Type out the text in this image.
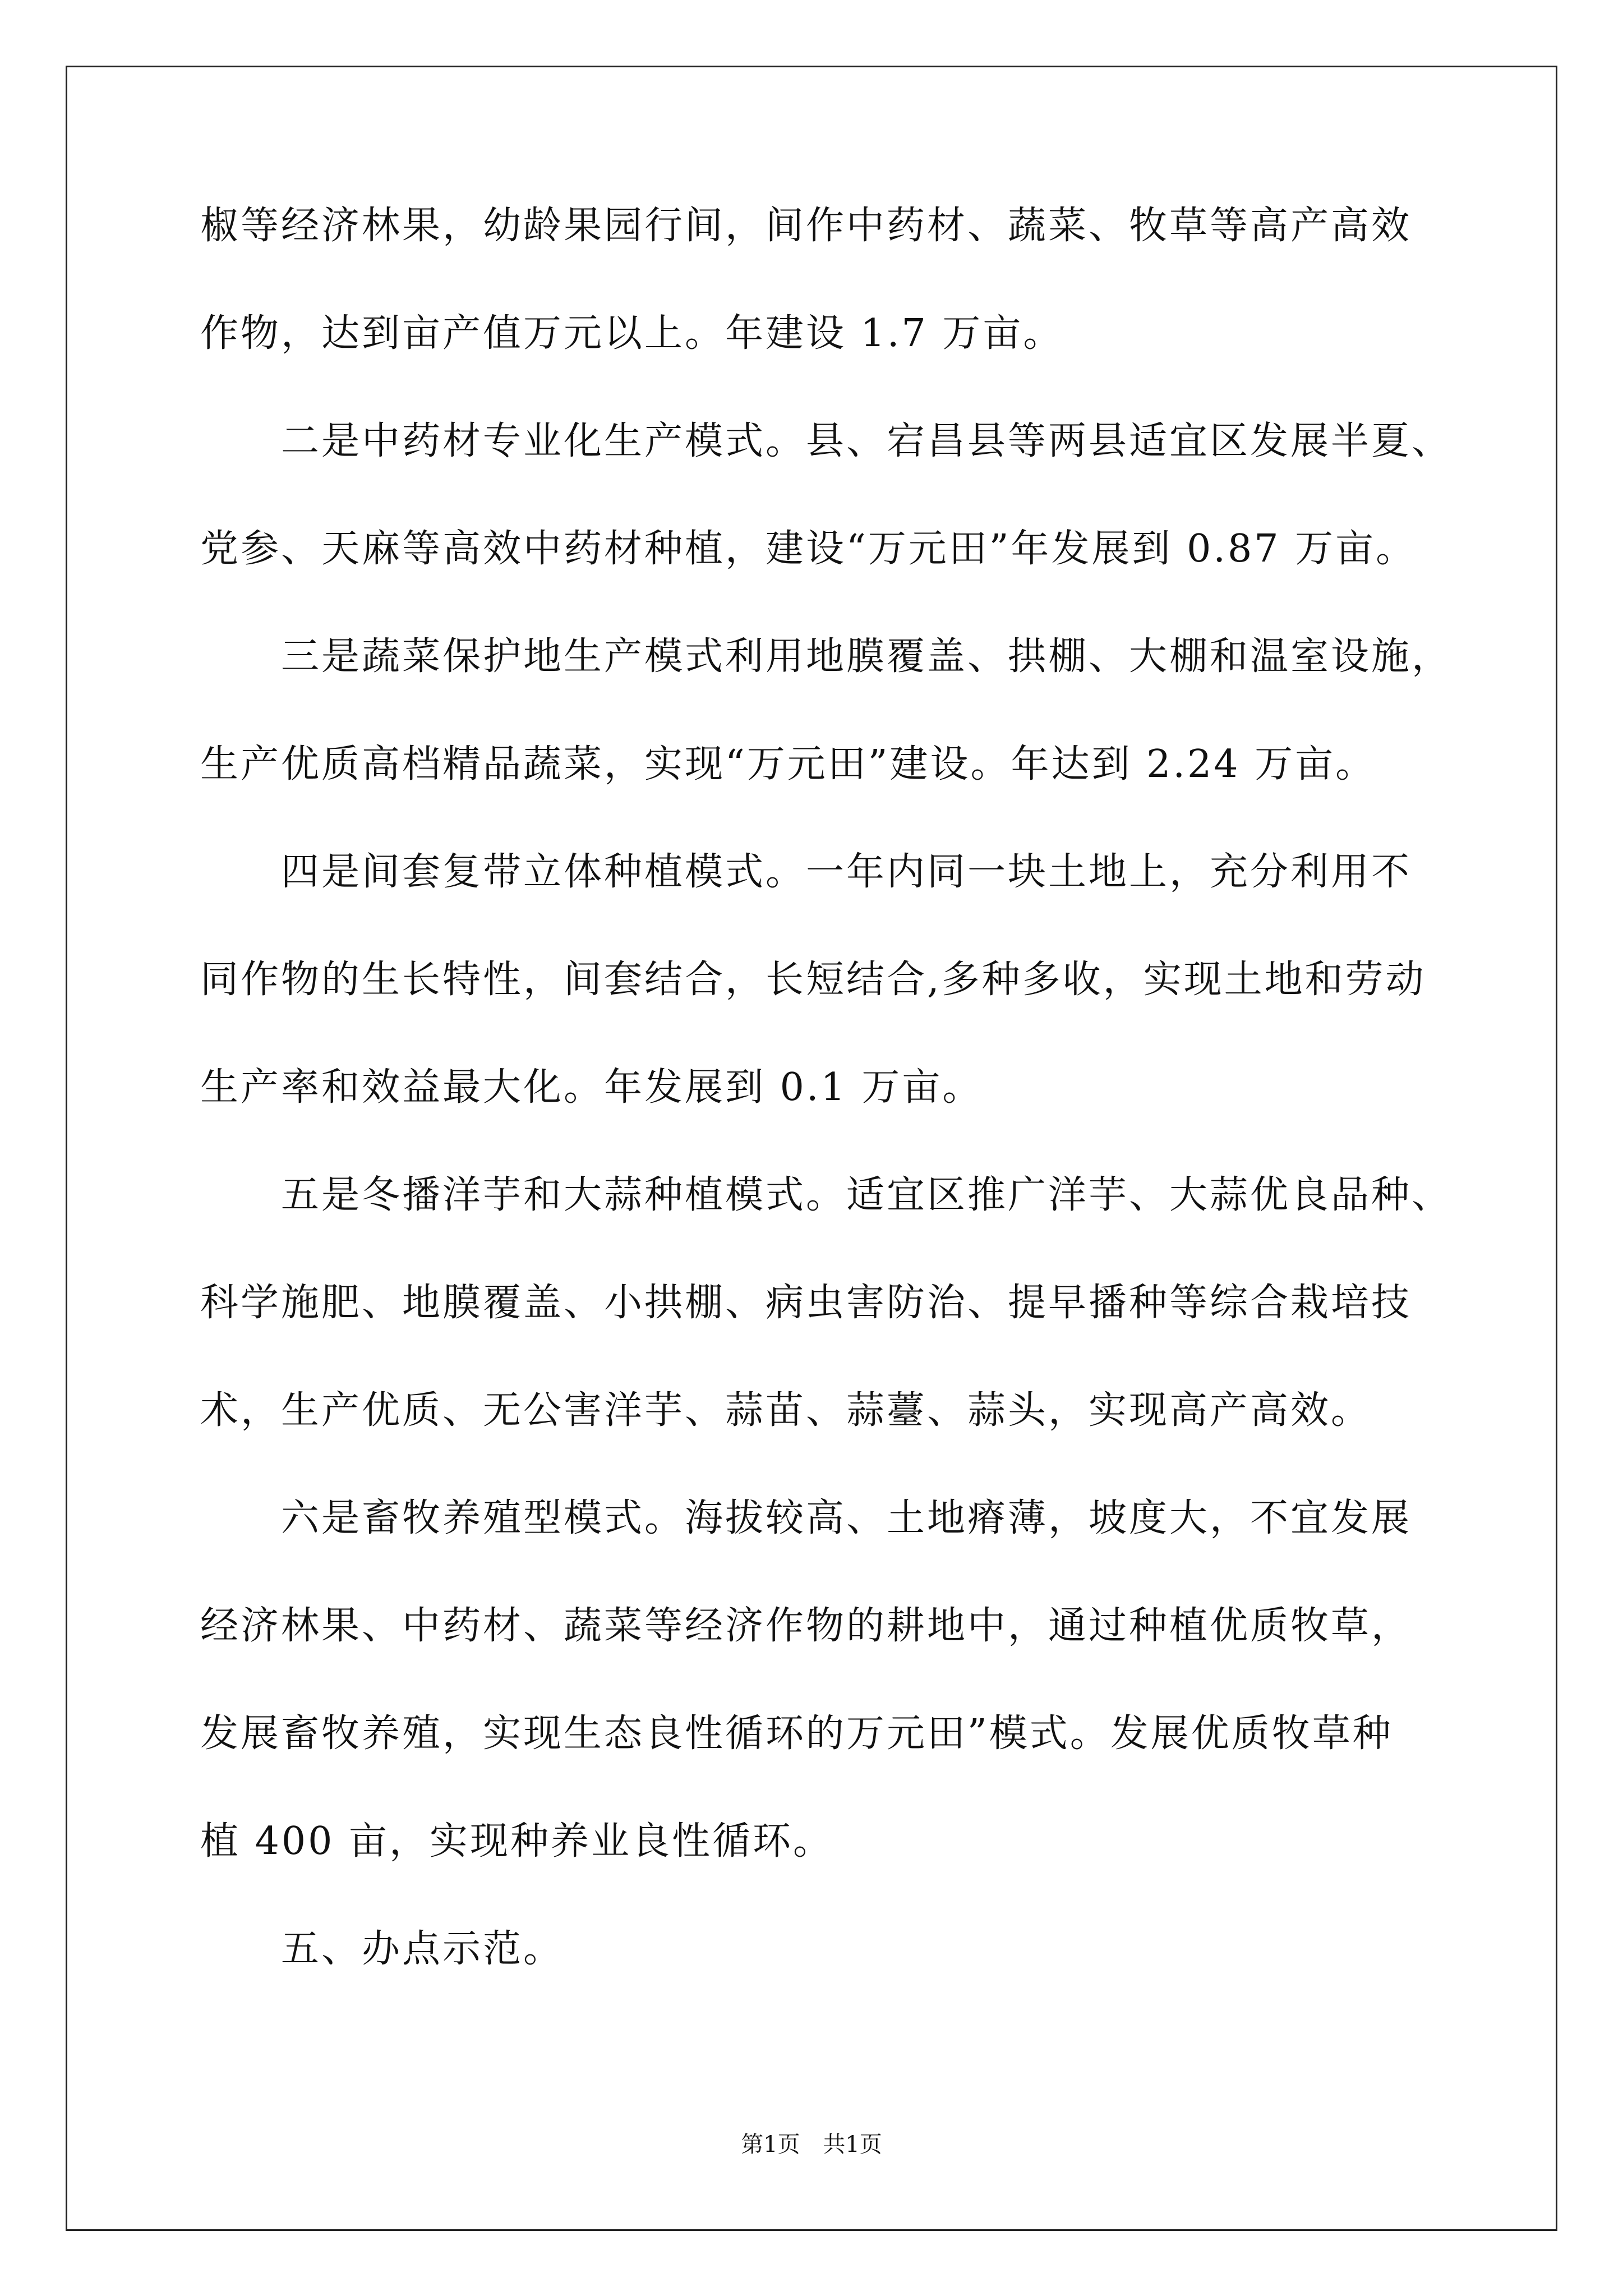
椒等经济林果，幼龄果园行间，间作中药材、蔬菜、牧草等高产高效
作物，达到亩产值万元以上。年建设 1.7 万亩。
　　二是中药材专业化生产模式。县、宕昌县等两县适宜区发展半夏、
党参、天麻等高效中药材种植，建设“万元田”年发展到 0.87 万亩。
　　三是蔬菜保护地生产模式利用地膜覆盖、拱棚、大棚和温室设施，
生产优质高档精品蔬菜，实现“万元田”建设。年达到 2.24 万亩。
　　四是间套复带立体种植模式。一年内同一块土地上，充分利用不
同作物的生长特性，间套结合，长短结合,多种多收，实现土地和劳动
生产率和效益最大化。年发展到 0.1 万亩。
　　五是冬播洋芋和大蒜种植模式。适宜区推广洋芋、大蒜优良品种、
科学施肥、地膜覆盖、小拱棚、病虫害防治、提早播种等综合栽培技
术，生产优质、无公害洋芋、蒜苗、蒜薹、蒜头，实现高产高效。
　　六是畜牧养殖型模式。海拔较高、土地瘠薄，坡度大，不宜发展
经济林果、中药材、蔬菜等经济作物的耕地中，通过种植优质牧草，
发展畜牧养殖，实现生态良性循环的万元田”模式。发展优质牧草种
植 400 亩，实现种养业良性循环。
　　五、办点示范。
第1页 共1页
